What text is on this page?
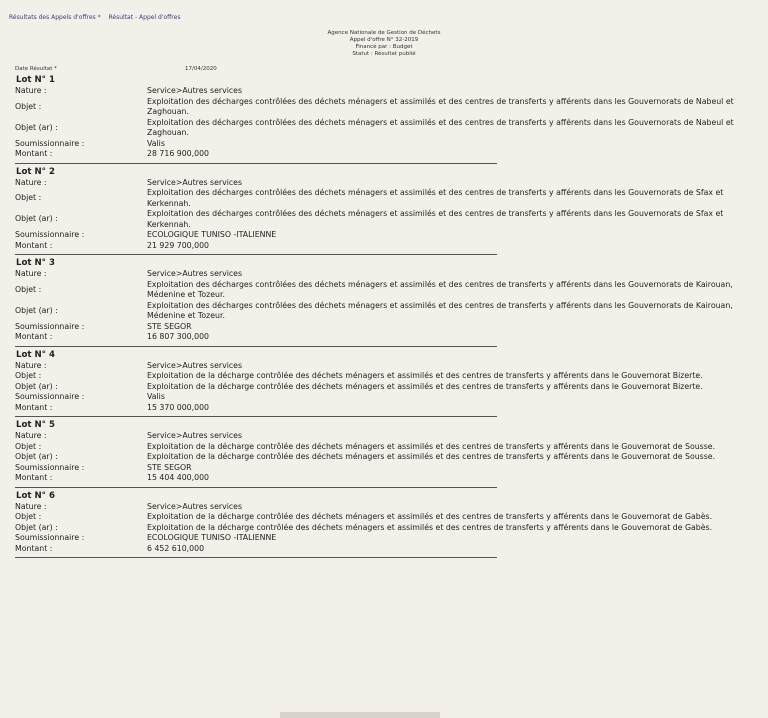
Résultats des Appels d'offres * Résultat - Appel d'offres
Agence Nationale de Gestion de Déchets
Appel d'offre N° 32-2019
Financé par : Budget
Statut : Résultat publié
Date Résultat *	17/04/2020
Lot N° 1
Nature :	Service>Autres services
Objet :
Exploitation des décharges contrôlées des déchets ménagers et assimilés et des centres de transferts y afférents dans les Gouvernorats de Nabeul et Zaghouan.
Objet (ar) :
Exploitation des décharges contrôlées des déchets ménagers et assimilés et des centres de transferts y afférents dans les Gouvernorats de Nabeul et Zaghouan.
Soumissionnaire :	Valis
Montant :	28 716 900,000
Lot N° 2
Nature :	Service>Autres services
Objet :
Exploitation des décharges contrôlées des déchets ménagers et assimilés et des centres de transferts y afférents dans les Gouvernorats de Sfax et Kerkennah.
Objet (ar) :
Exploitation des décharges contrôlées des déchets ménagers et assimilés et des centres de transferts y afférents dans les Gouvernorats de Sfax et Kerkennah.
Soumissionnaire :	ECOLOGIQUE TUNISO -ITALIENNE
Montant :	21 929 700,000
Lot N° 3
Nature :	Service>Autres services
Objet :
Exploitation des décharges contrôlées des déchets ménagers et assimilés et des centres de transferts y afférents dans les Gouvernorats de Kairouan, Médenine et Tozeur.
Objet (ar) :
Exploitation des décharges contrôlées des déchets ménagers et assimilés et des centres de transferts y afférents dans les Gouvernorats de Kairouan, Médenine et Tozeur.
Soumissionnaire :	STE SEGOR
Montant :	16 807 300,000
Lot N° 4
Nature :	Service>Autres services
Objet :	Exploitation de la décharge contrôlée des déchets ménagers et assimilés et des centres de transferts y afférents dans le Gouvernorat Bizerte.
Objet (ar) :	Exploitation de la décharge contrôlée des déchets ménagers et assimilés et des centres de transferts y afférents dans le Gouvernorat Bizerte.
Soumissionnaire :	Valis
Montant :	15 370 000,000
Lot N° 5
Nature :	Service>Autres services
Objet :	Exploitation de la décharge contrôlée des déchets ménagers et assimilés et des centres de transferts y afférents dans le Gouvernorat de Sousse.
Objet (ar) :	Exploitation de la décharge contrôlée des déchets ménagers et assimilés et des centres de transferts y afférents dans le Gouvernorat de Sousse.
Soumissionnaire :	STE SEGOR
Montant :	15 404 400,000
Lot N° 6
Nature :	Service>Autres services
Objet :	Exploitation de la décharge contrôlée des déchets ménagers et assimilés et des centres de transferts y afférents dans le Gouvernorat de Gabès.
Objet (ar) :	Exploitation de la décharge contrôlée des déchets ménagers et assimilés et des centres de transferts y afférents dans le Gouvernorat de Gabès.
Soumissionnaire :	ECOLOGIQUE TUNISO -ITALIENNE
Montant :	6 452 610,000
